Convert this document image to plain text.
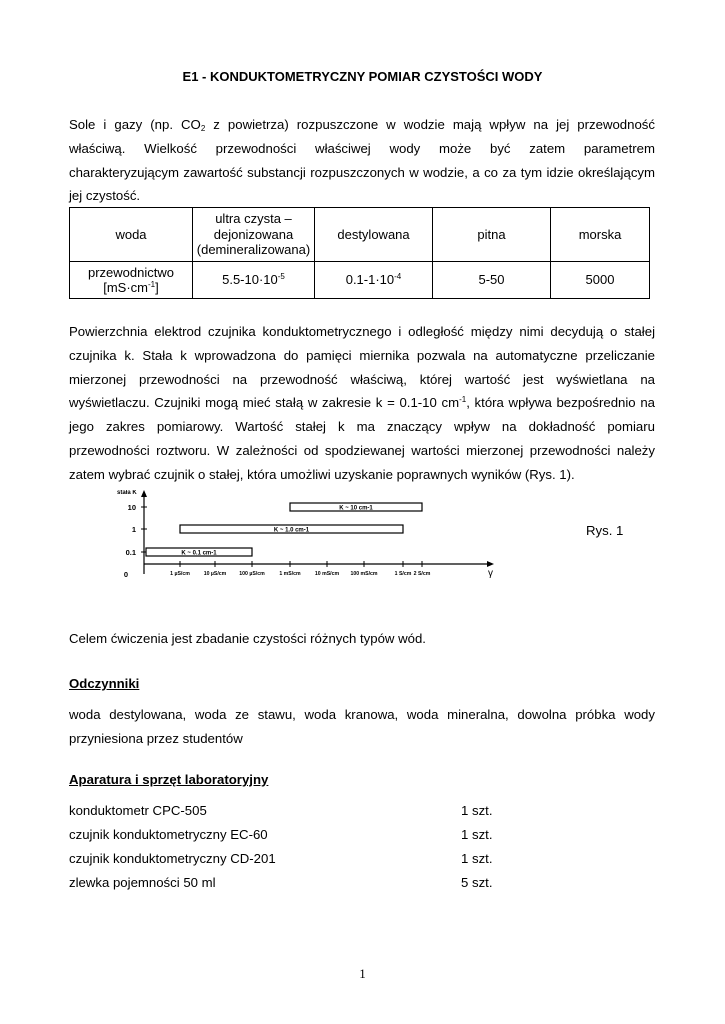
E1 - KONDUKTOMETRYCZNY POMIAR CZYSTOŚCI WODY
Sole i gazy (np. $CO_2$ z powietrza) rozpuszczone w wodzie mają wpływ na jej przewodność
właściwą. Wielkość przewodności właściwej wody może być zatem parametrem
charakteryzującym zawartość substancji rozpuszczonych w wodzie, a co za tym idzie określającym
jej czystość.
woda	ultra czysta –
dejonizowana
(demineralizowana)	destylowana	pitna	morska

przewodnictwo
$[mS\cdot cm^{-1}]$	$5.5-10\cdot 10^{-5}$	$0.1-1\cdot 10^{-4}$	5-50	5000
Powierzchnia elektrod czujnika konduktometrycznego i odległość między nimi decydują o stałej
czujnika k. Stała k wprowadzona do pamięci miernika pozwala na automatyczne przeliczanie
mierzonej przewodności na przewodność właściwą, której wartość jest wyświetlana na
wyświetlaczu. Czujniki mogą mieć stałą w zakresie k = 0.1-10 $cm^{-1}$, która wpływa bezpośrednio na
jego zakres pomiarowy. Wartość stałej k ma znaczący wpływ na dokładność pomiaru
przewodności roztworu. W zależności od spodziewanej wartości mierzonej przewodności należy
zatem wybrać czujnik o stałej, która umożliwi uzyskanie poprawnych wyników (Rys. 1).
stała K
γ
10
1
0.1
0	1 µS/cm	10 µS/cm 100 µS/cm	1 mS/cm	10 mS/cm 100 mS/cm	1 S/cm 2 S/cm
K ~ 10 cm-1
K ~ 1.0 cm-1
K ~ 0.1 cm-1
Rys. 1
Celem ćwiczenia jest zbadanie czystości różnych typów wód.
Odczynniki
woda destylowana, woda ze stawu, woda kranowa, woda mineralna, dowolna próbka wody
przyniesiona przez studentów
Aparatura i sprzęt laboratoryjny
konduktometr CPC-505	1 szt.
czujnik konduktometryczny EC-60	1 szt.
czujnik konduktometryczny CD-201	1 szt.
zlewka pojemności 50 ml	5 szt.
1
